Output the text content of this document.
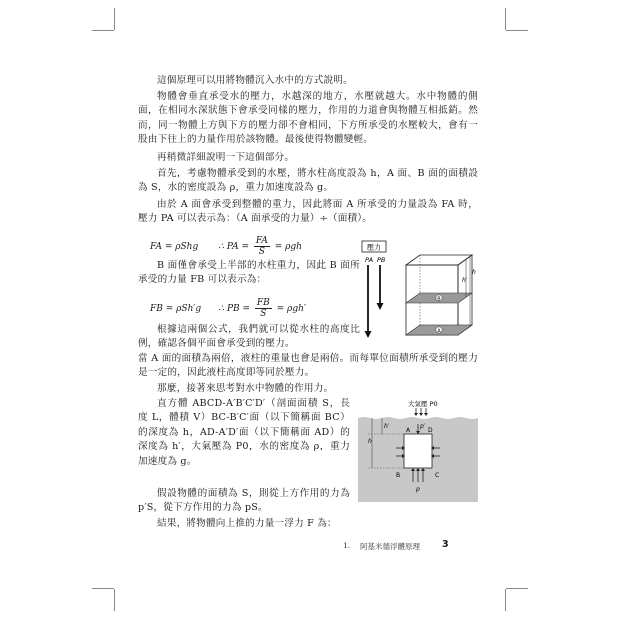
這個原理可以用將物體沉入水中的方式說明。
物體會垂直承受水的壓力，水越深的地方，水壓就越大。水中物體的側面，在相同水深狀態下會承受同樣的壓力，作用的力道會與物體互相抵銷。然而，同一物體上方與下方的壓力卻不會相同，下方所承受的水壓較大，會有一股由下往上的力量作用於該物體。最後使得物體變輕。
再稍微詳細說明一下這個部分。
首先，考慮物體承受到的水壓，將水柱高度設為 h，A 面、B 面的面積設為 S，水的密度設為 ρ，重力加速度設為 g。
由於 A 面會承受到整體的重力，因此將面 A 所承受的力量設為 FA 時，壓力 PA 可以表示為：（A 面承受的力量）÷（面積）。
FA = ρShg ∴ PA = $\frac{FA}{S} = \rho gh$
B 面僅會承受上半部的水柱重力，因此 B 面所承受的力量 FB 可以表示為：
FB = ρSh′g ∴ PB = $\frac{FB}{S} = \rho gh'$
根據這兩個公式，我們就可以從水柱的高度比例，確認各個平面會承受到的壓力。
當 A 面的面積為兩倍，液柱的重量也會是兩倍。而每單位面積所承受到的壓力是一定的，因此液柱高度即等同於壓力。
那麼，接著來思考對水中物體的作用力。
直方體 ABCD-A′B′C′D′（剖面面積 S，長度 L，體積 V）BC-B′C′面（以下簡稱面 BC）的深度為 h，AD-A′D′面（以下簡稱面 AD）的深度為 h′，大氣壓為 P0，水的密度為 ρ，重力加速度為 g。
假設物體的面積為 S，則從上方作用的力為 p′S，從下方作用的力為 pS。
結果，將物體向上推的力量一浮力 F 為：
壓力
PA PB
B
A
h′
h
大氣壓 P0
h
h′
A	D
B	C
p′
p
1. 阿基米德浮體原理 3
